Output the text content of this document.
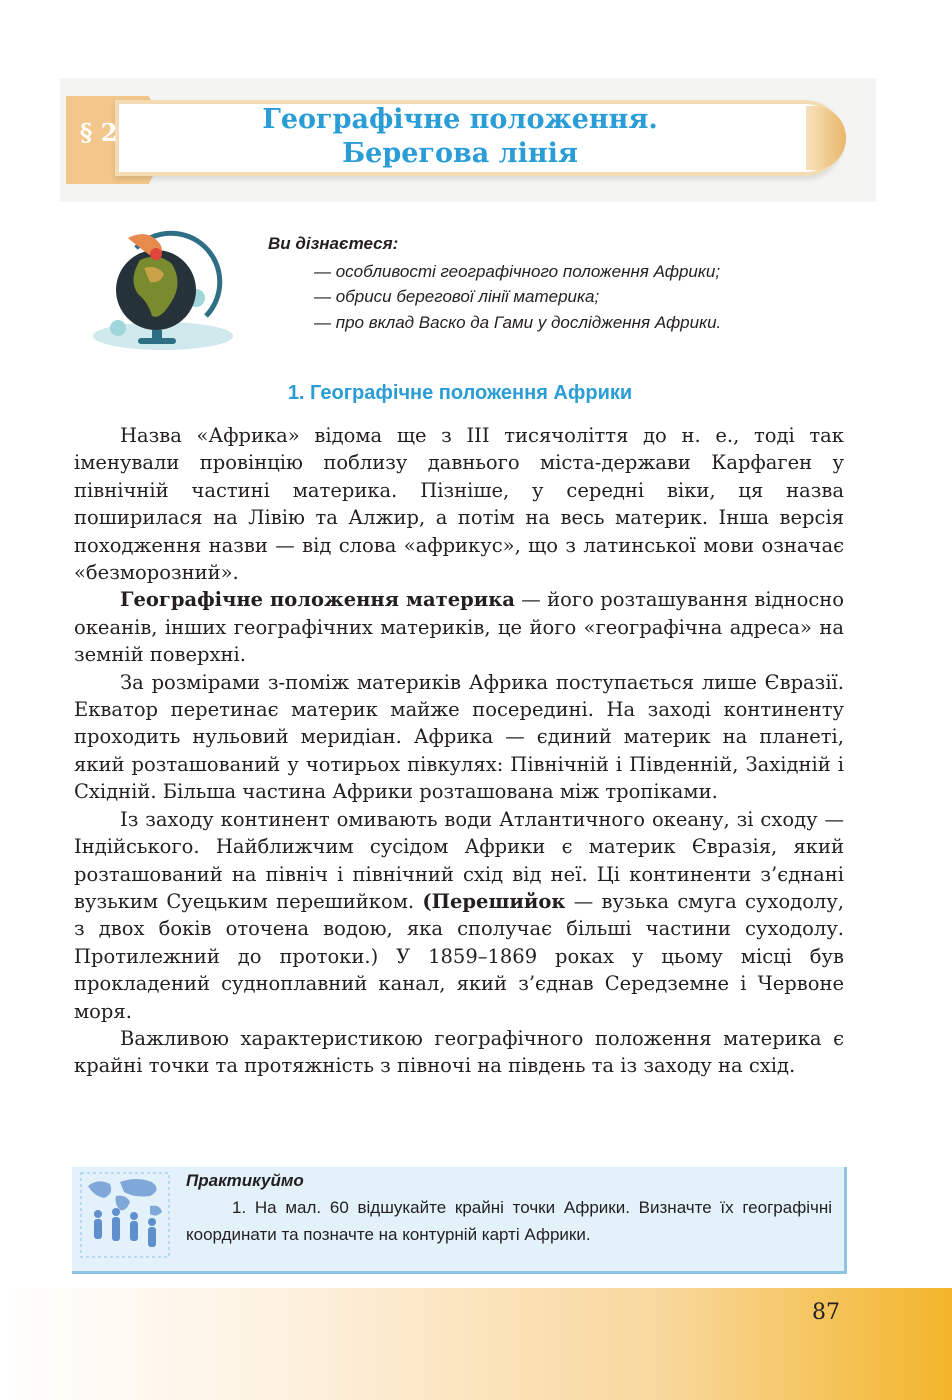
§ 21	Географічне положення.
Берегова лінія
Ви дізнаєтеся:
— особливості географічного положення Африки;
— обриси берегової лінії материка;
— про вклад Васко да Гами у дослідження Африки.
1. Географічне положення Африки

Назва «Африка» відома ще з ІІІ тисячоліття до н. е., тоді так іменували провінцію поблизу давнього міста-держави Карфаген у північній частині материка. Пізніше, у середні віки, ця назва поширилася на Лівію та Алжир, а потім на весь материк. Інша версія походження назви — від слова «африкус», що з латинської мови означає «безморозний».

Географічне положення материка — його розташування відносно океанів, інших географічних материків, це його «географічна адреса» на земній поверхні.

За розмірами з-поміж материків Африка поступається лише Євразії. Екватор перетинає материк майже посередині. На заході континенту проходить нульовий меридіан. Африка — єдиний материк на планеті, який розташований у чотирьох півкулях: Північній і Південній, Західній і Східній. Більша частина Африки розташована між тропіками.

Із заходу континент омивають води Атлантичного океану, зі сходу — Індійського. Найближчим сусідом Африки є материк Євразія, який розташований на північ і північний схід від неї. Ці континенти з’єднані вузьким Суецьким перешийком. (Перешийок — вузька смуга суходолу, з двох боків оточена водою, яка сполучає більші частини суходолу. Протилежний до протоки.) У 1859–1869 роках у цьому місці був прокладений судноплавний канал, який з’єднав Середземне і Червоне моря.

Важливою характеристикою географічного положення материка є крайні точки та протяжність з півночі на південь та із заходу на схід.

Практикуймо
1. На мал. 60 відшукайте крайні точки Африки. Визначте їх географічні координати та позначте на контурній карті Африки.
87
